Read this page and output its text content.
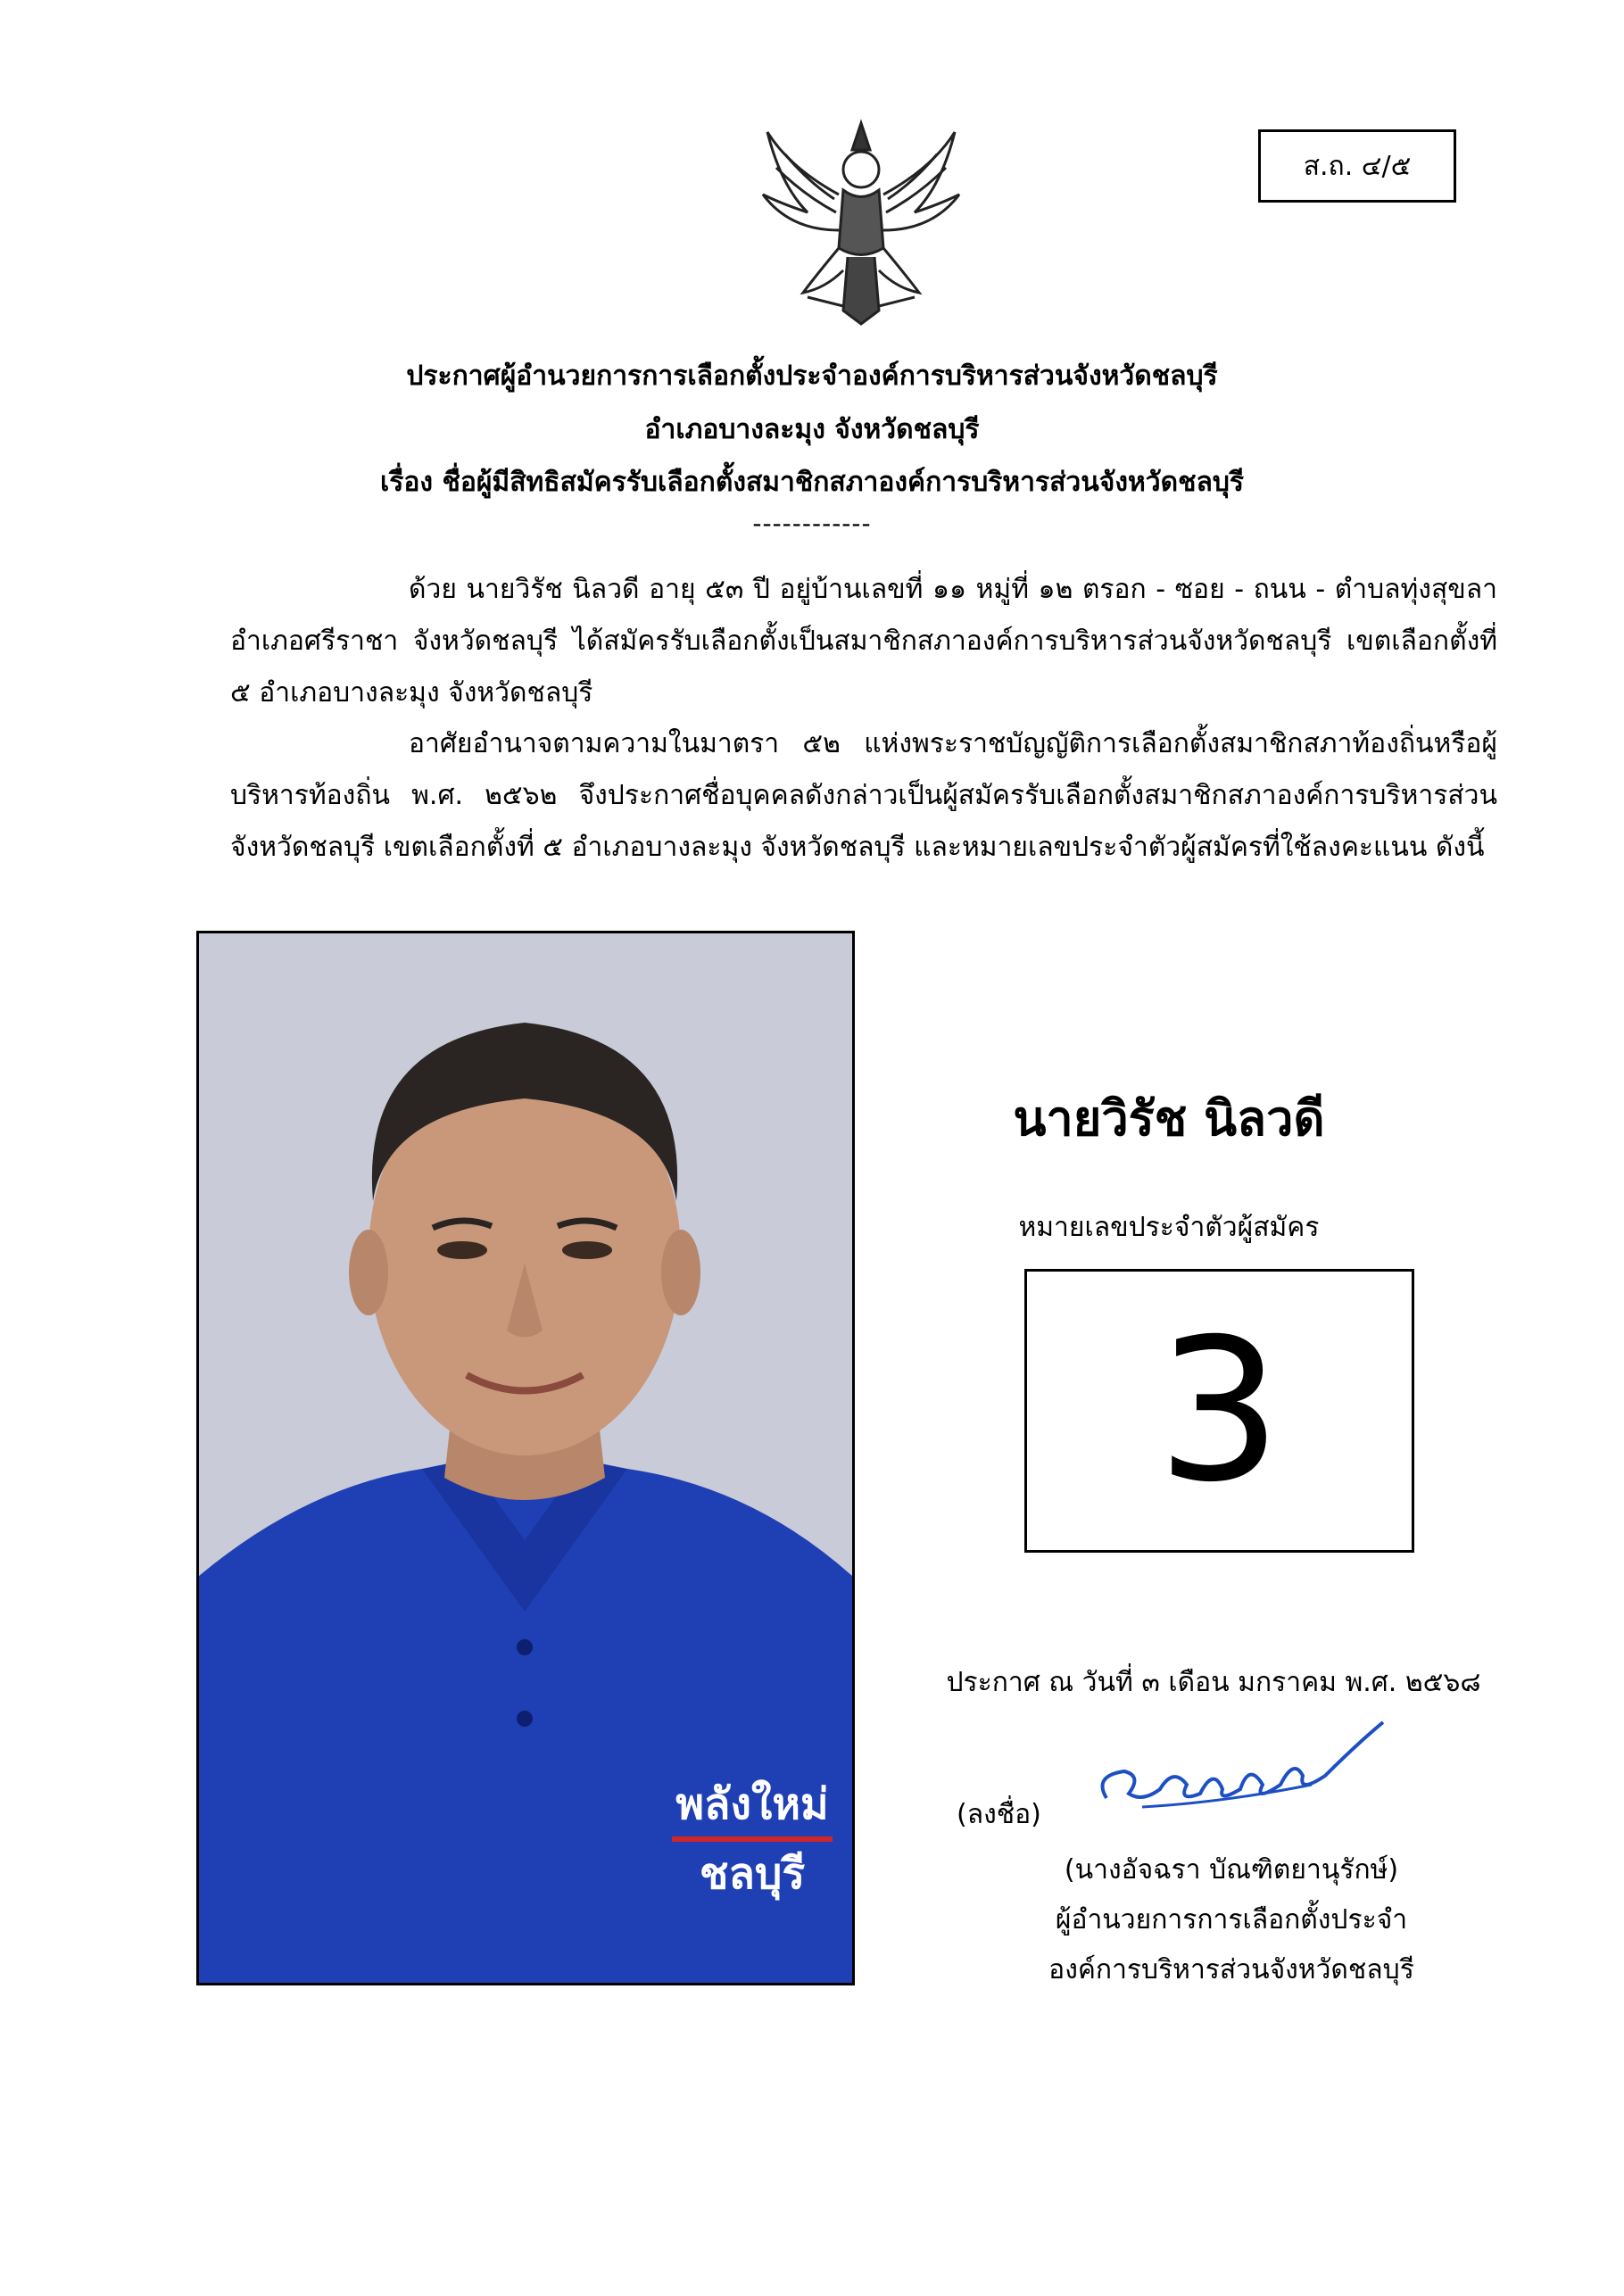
ส.ถ. ๔/๕
ประกาศผู้อำนวยการการเลือกตั้งประจำองค์การบริหารส่วนจังหวัดชลบุรี
อำเภอบางละมุง จังหวัดชลบุรี
เรื่อง ชื่อผู้มีสิทธิสมัครรับเลือกตั้งสมาชิกสภาองค์การบริหารส่วนจังหวัดชลบุรี
------------
ด้วย นายวิรัช นิลวดี อายุ ๕๓ ปี อยู่บ้านเลขที่ ๑๑ หมู่ที่ ๑๒ ตรอก - ซอย - ถนน - ตำบลทุ่งสุขลา อำเภอศรีราชา จังหวัดชลบุรี ได้สมัครรับเลือกตั้งเป็นสมาชิกสภาองค์การบริหารส่วนจังหวัดชลบุรี เขตเลือกตั้งที่ ๕ อำเภอบางละมุง จังหวัดชลบุรี
อาศัยอำนาจตามความในมาตรา ๕๒ แห่งพระราชบัญญัติการเลือกตั้งสมาชิกสภาท้องถิ่นหรือผู้บริหารท้องถิ่น พ.ศ. ๒๕๖๒ จึงประกาศชื่อบุคคลดังกล่าวเป็นผู้สมัครรับเลือกตั้งสมาชิกสภาองค์การบริหารส่วนจังหวัดชลบุรี เขตเลือกตั้งที่ ๕ อำเภอบางละมุง จังหวัดชลบุรี และหมายเลขประจำตัวผู้สมัครที่ใช้ลงคะแนน ดังนี้
พลังใหม่
ชลบุรี
นายวิรัช นิลวดี
หมายเลขประจำตัวผู้สมัคร
3
ประกาศ ณ วันที่ ๓ เดือน มกราคม พ.ศ. ๒๕๖๘
(ลงชื่อ)
(นางอัจฉรา บัณฑิตยานุรักษ์)
ผู้อำนวยการการเลือกตั้งประจำ
องค์การบริหารส่วนจังหวัดชลบุรี
